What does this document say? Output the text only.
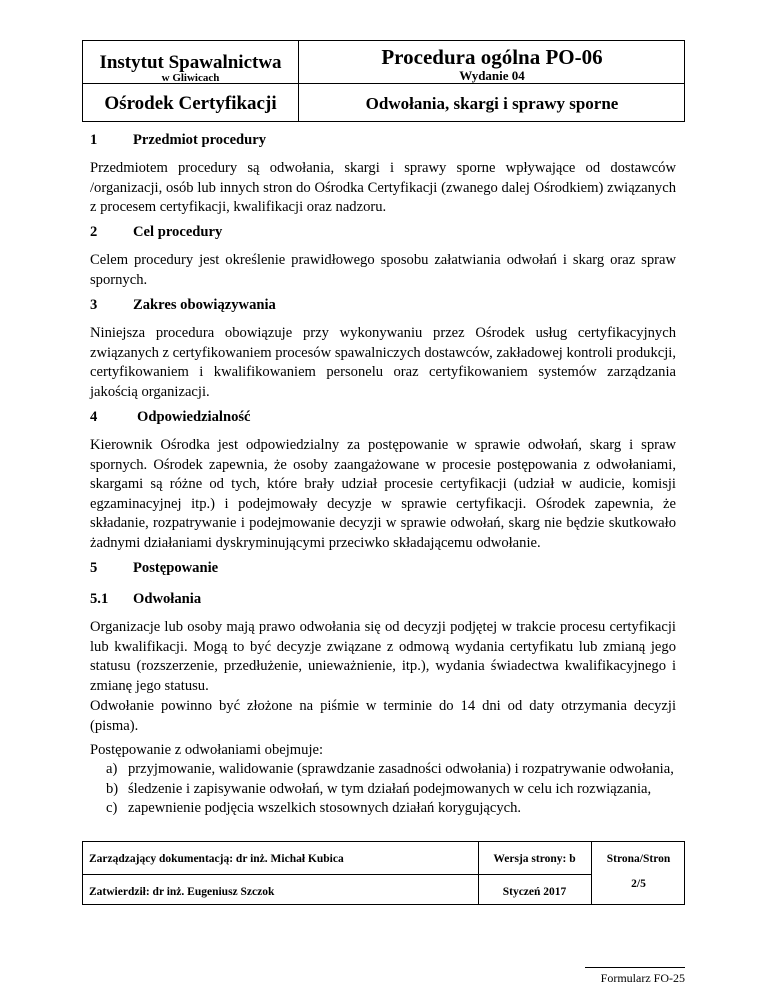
Instytut Spawalnictwa
w Gliwicach
Ośrodek Certyfikacji
Procedura ogólna PO-06
Wydanie 04
Odwołania, skargi i sprawy sporne
1 Przedmiot procedury
Przedmiotem procedury są odwołania, skargi i sprawy sporne wpływające od dostawców /organizacji, osób lub innych stron do Ośrodka Certyfikacji (zwanego dalej Ośrodkiem) związanych z procesem certyfikacji, kwalifikacji oraz nadzoru.
2 Cel procedury
Celem procedury jest określenie prawidłowego sposobu załatwiania odwołań i skarg oraz spraw spornych.
3 Zakres obowiązywania
Niniejsza procedura obowiązuje przy wykonywaniu przez Ośrodek usług certyfikacyjnych związanych z certyfikowaniem procesów spawalniczych dostawców, zakładowej kontroli produkcji, certyfikowaniem i kwalifikowaniem personelu oraz certyfikowaniem systemów zarządzania jakością organizacji.
4	Odpowiedzialność
Kierownik Ośrodka jest odpowiedzialny za postępowanie w sprawie odwołań, skarg i spraw spornych. Ośrodek zapewnia, że osoby zaangażowane w procesie postępowania z odwołaniami, skargami są różne od tych, które brały udział procesie certyfikacji (udział w audicie, komisji egzaminacyjnej itp.) i podejmowały decyzje w sprawie certyfikacji. Ośrodek zapewnia, że składanie, rozpatrywanie i podejmowanie decyzji w sprawie odwołań, skarg nie będzie skutkowało żadnymi działaniami dyskryminującymi przeciwko składającemu odwołanie.
5 Postępowanie
5.1 Odwołania
Organizacje lub osoby mają prawo odwołania się od decyzji podjętej w trakcie procesu certyfikacji lub kwalifikacji. Mogą to być decyzje związane z odmową wydania certyfikatu lub zmianą jego statusu (rozszerzenie, przedłużenie, unieważnienie, itp.), wydania świadectwa kwalifikacyjnego i zmianę jego statusu.
Odwołanie powinno być złożone na piśmie w terminie do 14 dni od daty otrzymania decyzji (pisma).
Postępowanie z odwołaniami obejmuje:
a) przyjmowanie, walidowanie (sprawdzanie zasadności odwołania) i rozpatrywanie odwołania,
b) śledzenie i zapisywanie odwołań, w tym działań podejmowanych w celu ich rozwiązania,
c) zapewnienie podjęcia wszelkich stosownych działań korygujących.
Zarządzający dokumentacją: dr inż. Michał Kubica
Zatwierdził: dr inż. Eugeniusz Szczok
Wersja strony: b
Styczeń 2017
Strona/Stron
2/5
Formularz FO-25
